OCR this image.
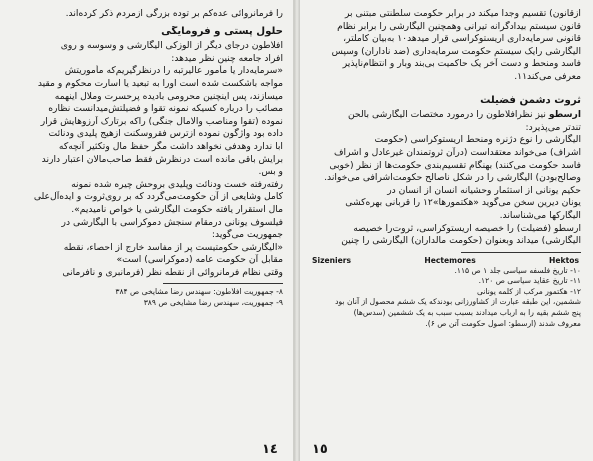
را فرمانروائی عده‌کم بر توده بزرگی ازمردم ذکر کرده‌اند.
حلول پستی و فرومایگی
افلاطون درجای دیگر از الوزکی الیگارشی و وسوسه و روی
افراد جامعه چنین نظر میدهد:
«سرمایه‌دار یا مأمور عالیرتبه را درنظرگیریم‌که مأموریتش
مواجه باشکست شده است اورا به تبعید یا اسارت محکوم و مقید
میسازند، پس اینچنین محرومی بادیده پرحسرت وملال اینهمه
مصائب را درباره کسیکه نمونه تقوا و فضیلتش‌میدانست نظاره
نموده (تقوا ومناصب والامال جنگی) راکه برتارک آرزوهایش قرار
داده بود واژگون نموده ازترس فقروسکنت ازهیج پلیدی ودنائت
ابا ندارد وهدفی نخواهد داشت مگر حفظ مال وتکثیر آنچه‌که
برایش باقی مانده است درنظرش فقط صاحب‌مالان اعتبار دارند
و بس.
رفته‌رفته خست ودنائت وپلیدی بروحش چیره شده نمونه
کامل وشایعی از آن حکومت‌می‌گردد که بر روی‌ثروت و ایده‌آل‌علی
مال استقرار یافته حکومت الیگارشی یا خواص نامیدیم».
فیلسوف یونانی درمقام سنجش دموکراسی با الیگارشی در
جمهوریت می‌گوید:
«الیگارشی حکومتیست پر از مفاسد خارج از احصاء، نقطه
مقابل آن حکومت عامه (دموکراسی) است»
وقتی نظام فرمانروائی از نقطه نظر (فرمانبری و نافرمانی
۸- جمهوریت افلاطون: سهندس رضا مشایخی ص ۳۸۴
۹- جمهوریت، سهندس رضا مشایخی ص ۳۸۹
١٤
ازقانون) تقسیم وجدا میکند در برابر حکومت سلطنتی مبتنی بر
قانون سیستم بیدادگرانه تیرانی وهمچنین الیگارشی را برابر نظام
قانونی سرمایه‌داری اریستوکراسی قرار میدهد۱۰ به‌بیان کاملتر،
الیگارشی رایک سیستم حکومت سرمایه‌داری (ضد نادار‌ان) وسپس
فاسد ومنحط و دست آخر یک حاکمیت بی‌بند وبار و انتظام‌ناپذیر
معرفی می‌کند۱۱.
ثروت دشمن فضیلت
ارسطو نیز نظرافلاطون را درمورد مختصات الیگارشی بالحن
تندتر می‌پذیرد:
الیگارشی را نوع دژنره ومنحط اریستوکراسی (حکومت
اشراف) می‌خواند معتقداست (درآن ثروتمندان غیرعادل و اشراف
فاسد حکومت می‌کنند) بهنگام تقسیم‌بندی حکومت‌ها از نظر (خوبی
وصالح‌بودن) الیگارشی را در شکل ناصالح حکومت‌اشرافی می‌خواند.
حکیم یونانی از استثمار وحشیانه انسان از انسان در
یونان دیرین سخن می‌گوید «هکتمورها»۱۲ را قربانی بهره‌کشی
الیگارکها می‌شناساند.
ارسطو (فضیلت) را خصیصه اریستوکراسی، ثروت‌را خصیصه
الیگارشی) میداند وبعنوان (حکومت مالداران) الیگارشی را چنین
Sizeniers	Hectemores	Hektos
۱۰- تاریخ فلسفه سیاسی جلد ۱ ص ۱۱۵.
۱۱- تاریخ عقاید سیاسی ص ۱۲۰.
۱۲- هکتمور مرکب از کلمه یونانی
ششمین، این طبقه عبارت از کشاورزانی بودند‌که یک ششم محصول از آنان بود
پنج ششم بقیه را به ارباب میدادند بسبب سبب به یک ششمین (سدس‌ها)
معروف شدند (ارسطو: اصول حکومت آتن ص ۶).
١٥
